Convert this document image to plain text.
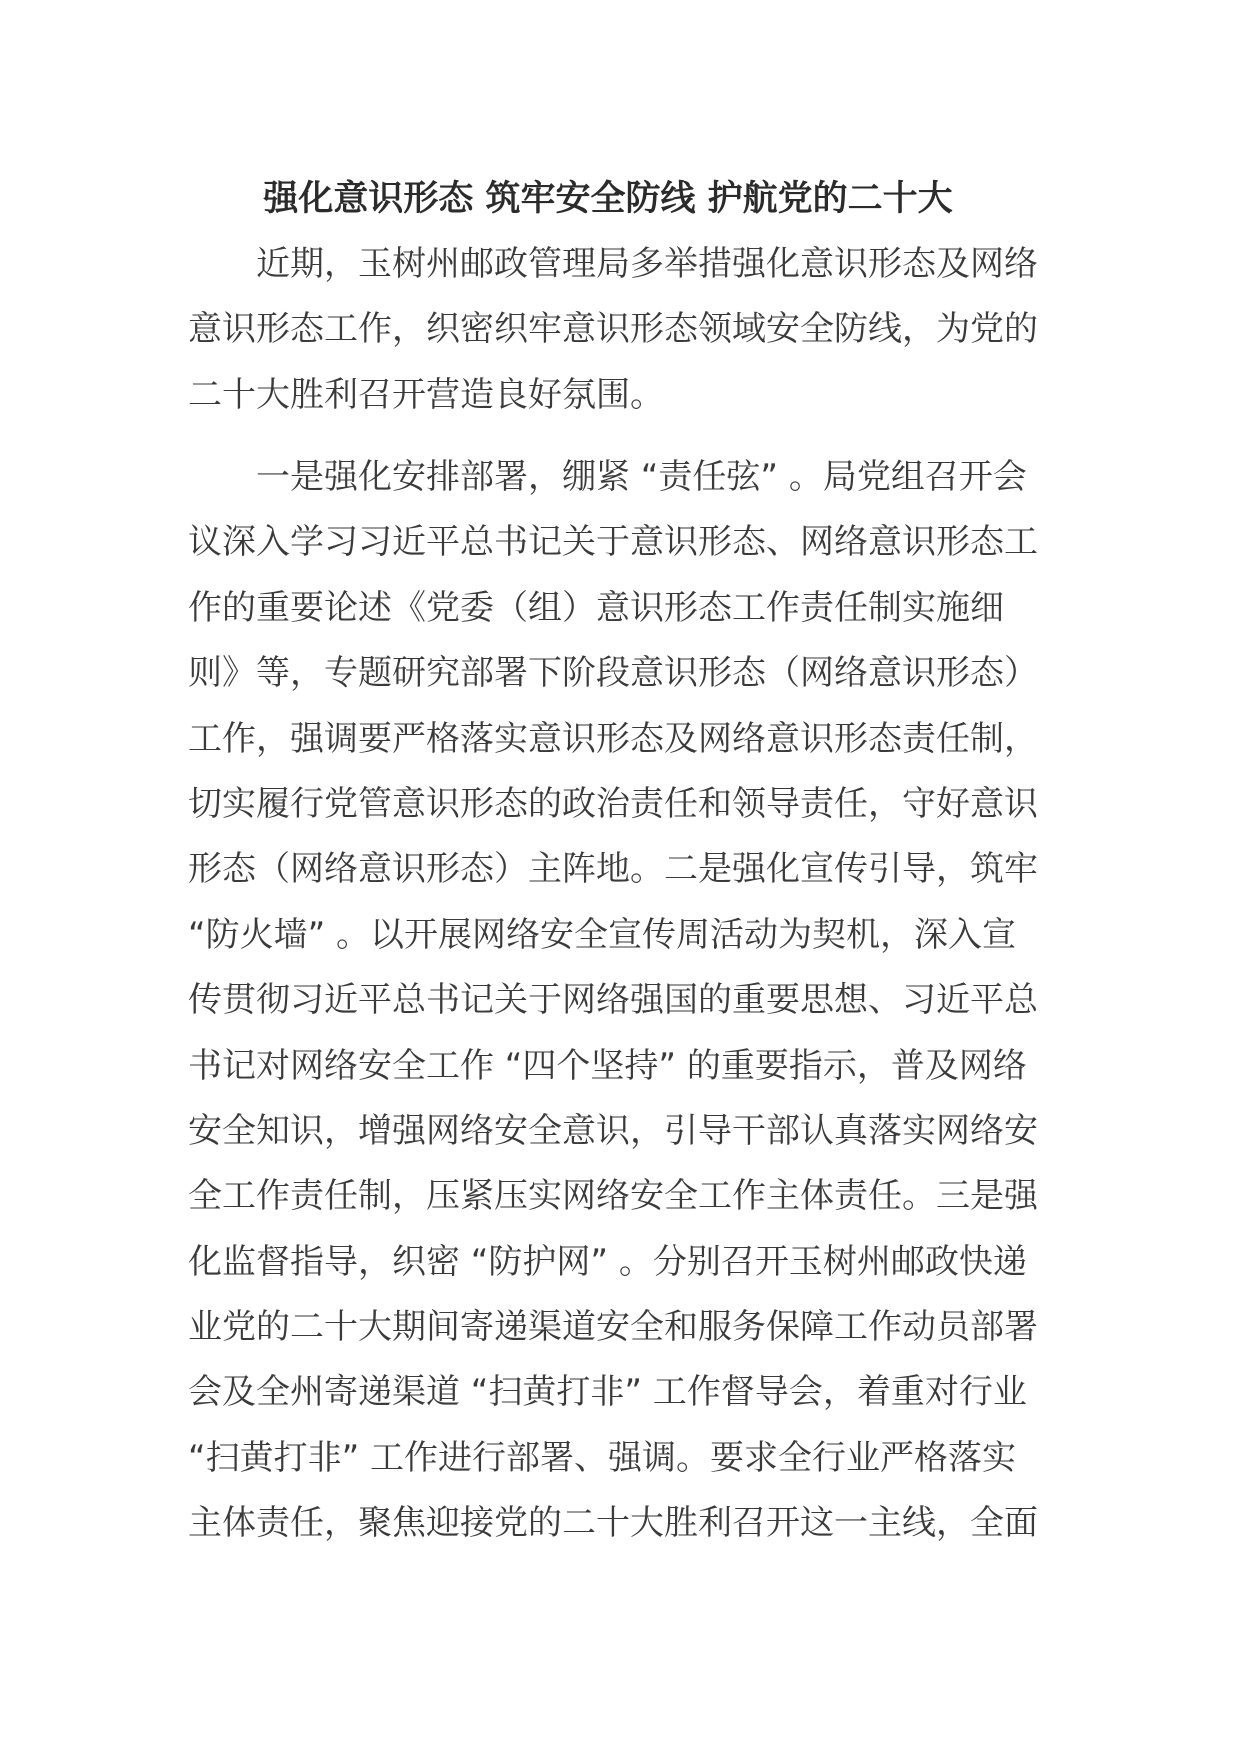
强化意识形态 筑牢安全防线 护航党的二十大
　　近期，玉树州邮政管理局多举措强化意识形态及网络
意识形态工作，织密织牢意识形态领域安全防线，为党的
二十大胜利召开营造良好氛围。
　　一是强化安排部署，绷紧 “责任弦” 。局党组召开会
议深入学习习近平总书记关于意识形态、网络意识形态工
作的重要论述《党委（组）意识形态工作责任制实施细
则》等，专题研究部署下阶段意识形态（网络意识形态）
工作，强调要严格落实意识形态及网络意识形态责任制，
切实履行党管意识形态的政治责任和领导责任，守好意识
形态（网络意识形态）主阵地。二是强化宣传引导，筑牢
“防火墙” 。以开展网络安全宣传周活动为契机，深入宣
传贯彻习近平总书记关于网络强国的重要思想、习近平总
书记对网络安全工作 “四个坚持” 的重要指示，普及网络
安全知识，增强网络安全意识，引导干部认真落实网络安
全工作责任制，压紧压实网络安全工作主体责任。三是强
化监督指导，织密 “防护网” 。分别召开玉树州邮政快递
业党的二十大期间寄递渠道安全和服务保障工作动员部署
会及全州寄递渠道 “扫黄打非” 工作督导会，着重对行业
“扫黄打非” 工作进行部署、强调。要求全行业严格落实
主体责任，聚焦迎接党的二十大胜利召开这一主线，全面
